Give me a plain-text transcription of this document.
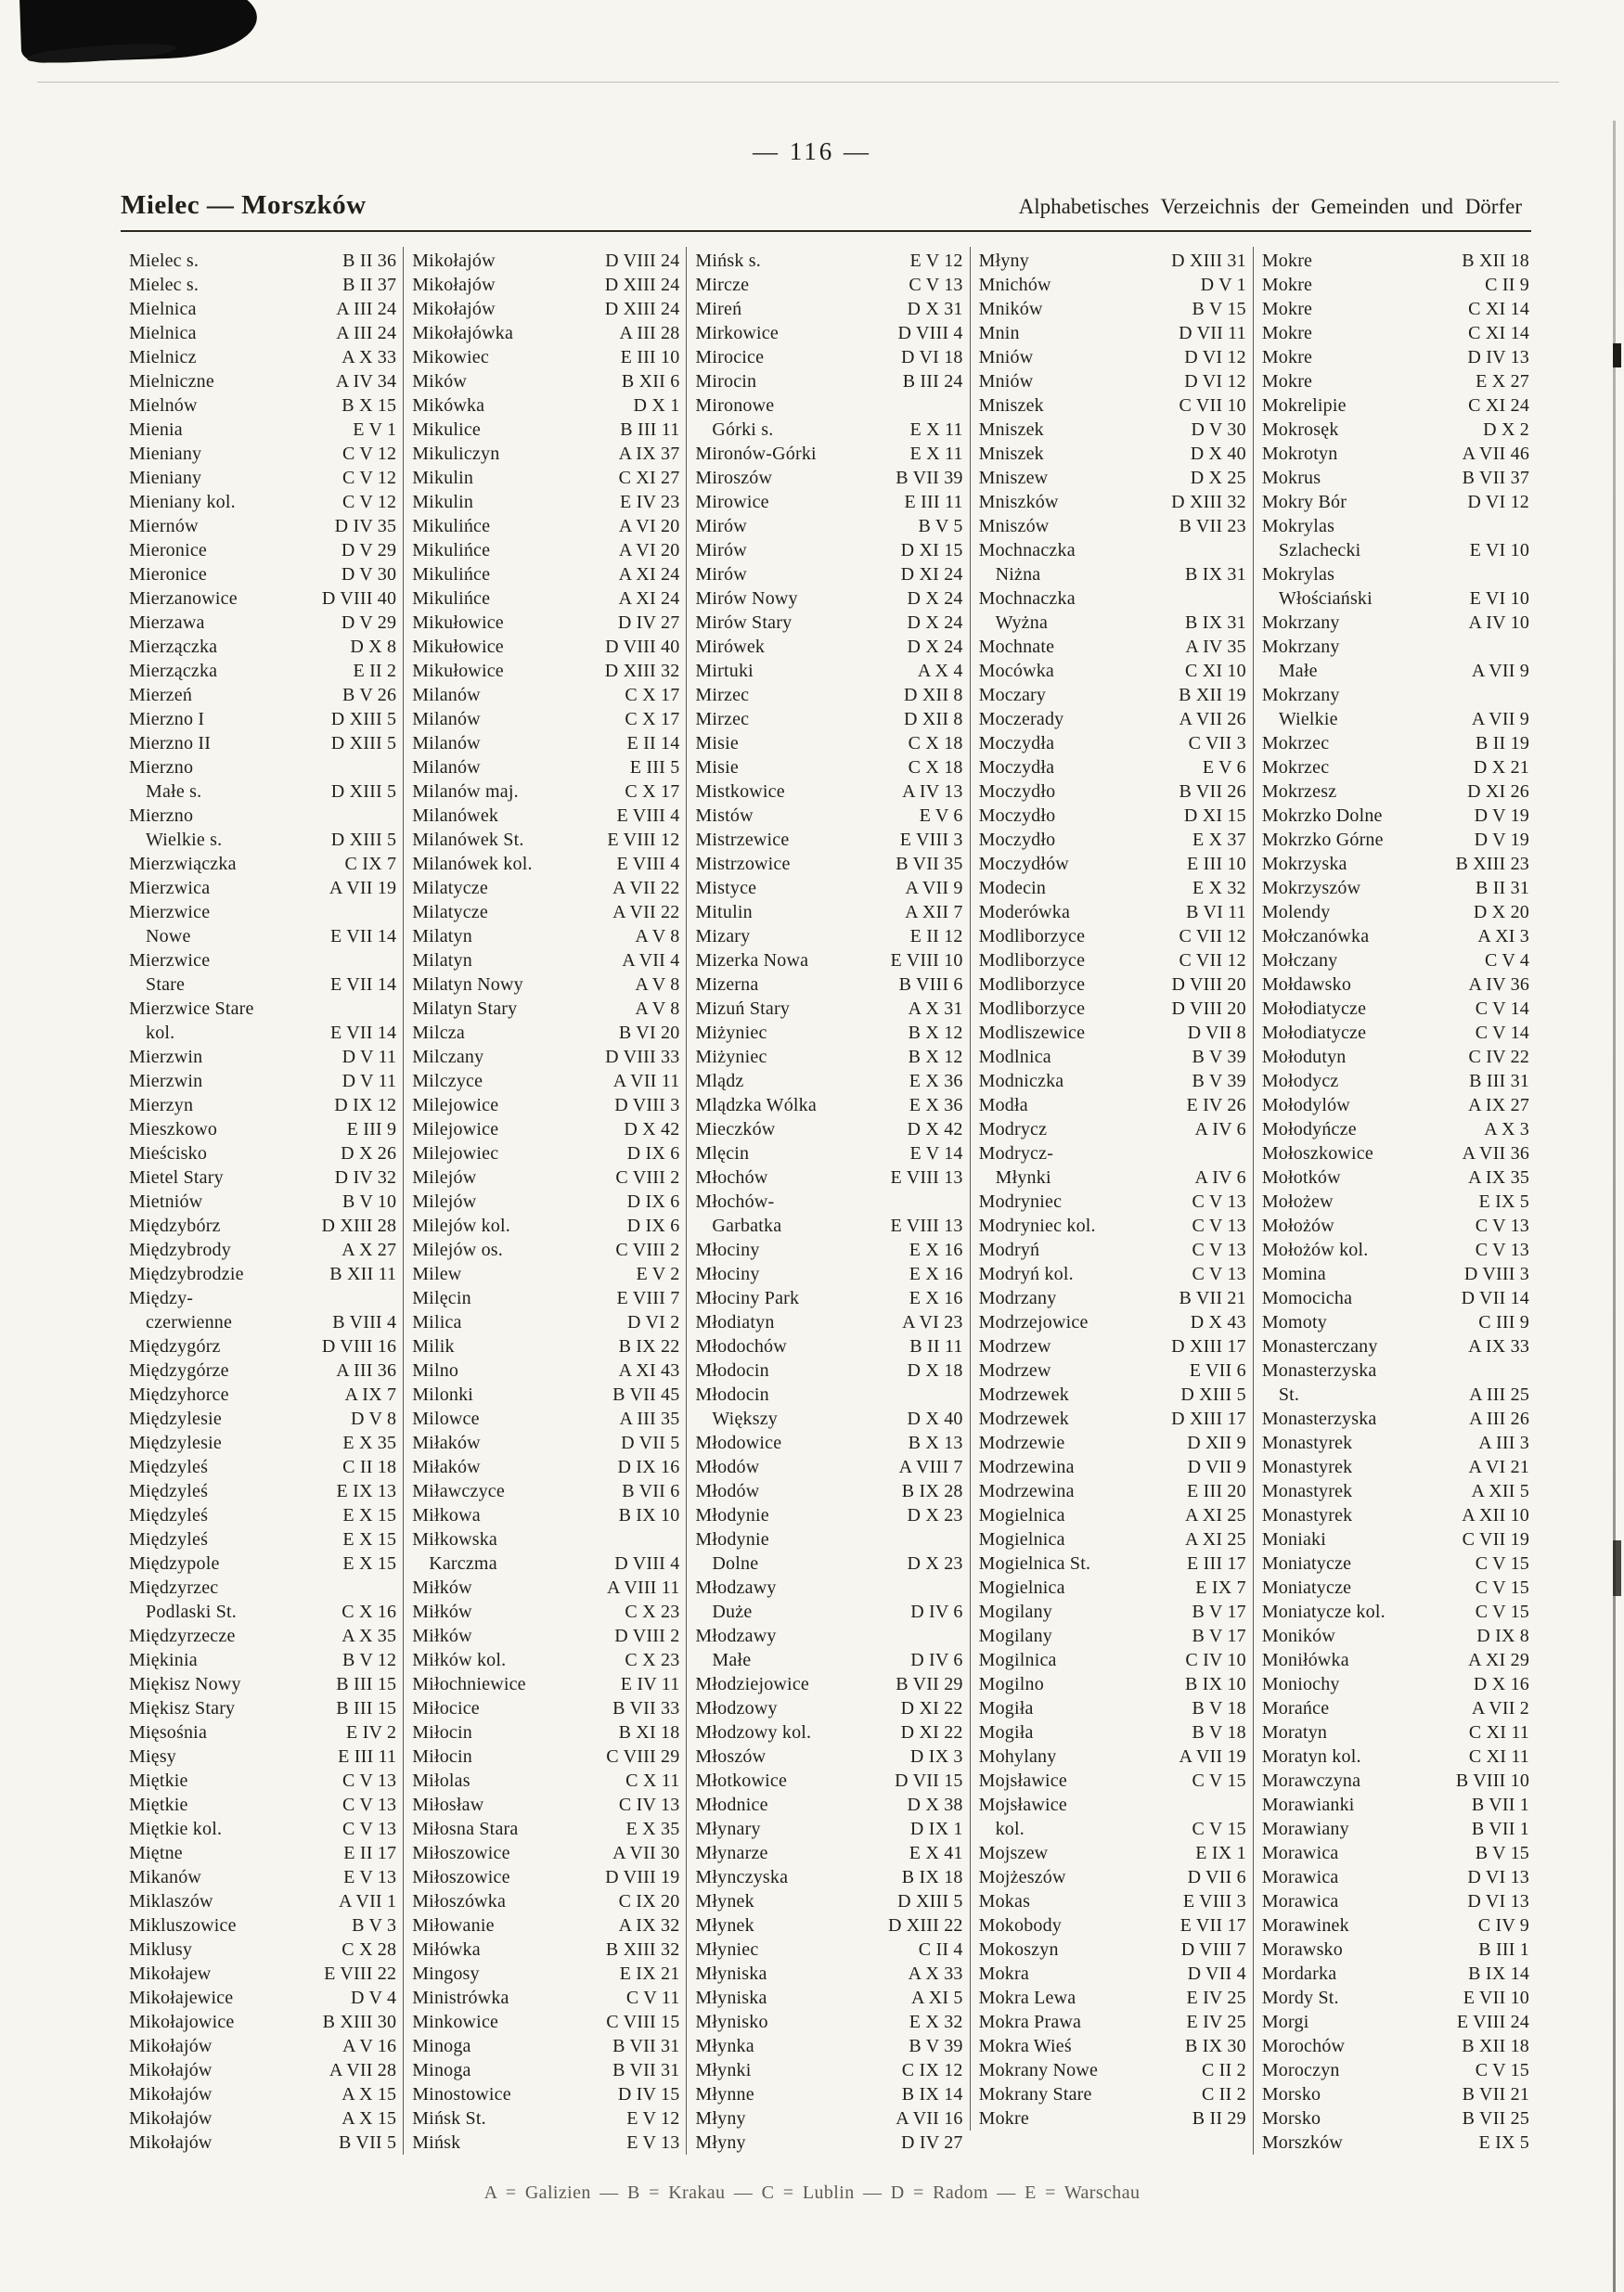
— 116 —
Mielec — Morszków	Alphabetisches Verzeichnis der Gemeinden und Dörfer
Mielec s.	B II 36
Mielec s.	B II 37
Mielnica	A III 24
Mielnica	A III 24
Mielnicz	A X 33
Mielniczne	A IV 34
Mielnów	B X 15
Mienia	E V 1
Mieniany	C V 12
Mieniany	C V 12
Mieniany kol.	C V 12
Miernów	D IV 35
Mieronice	D V 29
Mieronice	D V 30
Mierzanowice	D VIII 40
Mierzawa	D V 29
Mierzączka	D X 8
Mierzączka	E II 2
Mierzeń	B V 26
Mierzno I	D XIII 5
Mierzno II	D XIII 5
Mierzno
Małe s.	D XIII 5
Mierzno
Wielkie s.	D XIII 5
Mierzwiączka	C IX 7
Mierzwica	A VII 19
Mierzwice
Nowe	E VII 14
Mierzwice
Stare	E VII 14
Mierzwice Stare
kol.	E VII 14
Mierzwin	D V 11
Mierzwin	D V 11
Mierzyn	D IX 12
Mieszkowo	E III 9
Mieścisko	D X 26
Mietel Stary	D IV 32
Mietniów	B V 10
Międzybórz	D XIII 28
Międzybrody	A X 27
Międzybrodzie	B XII 11
Między-
czerwienne	B VIII 4
Międzygórz	D VIII 16
Międzygórze	A III 36
Międzyhorce	A IX 7
Międzylesie	D V 8
Międzylesie	E X 35
Międzyleś	C II 18
Międzyleś	E IX 13
Międzyleś	E X 15
Międzyleś	E X 15
Międzypole	E X 15
Międzyrzec
Podlaski St.	C X 16
Międzyrzecze	A X 35
Miękinia	B V 12
Miękisz Nowy	B III 15
Miękisz Stary	B III 15
Mięsośnia	E IV 2
Mięsy	E III 11
Miętkie	C V 13
Miętkie	C V 13
Miętkie kol.	C V 13
Miętne	E II 17
Mikanów	E V 13
Miklaszów	A VII 1
Mikluszowice	B V 3
Miklusy	C X 28
Mikołajew	E VIII 22
Mikołajewice	D V 4
Mikołajowice	B XIII 30
Mikołajów	A V 16
Mikołajów	A VII 28
Mikołajów	A X 15
Mikołajów	A X 15
Mikołajów	B VII 5
Mikołajów	D VIII 24
Mikołajów	D XIII 24
Mikołajów	D XIII 24
Mikołajówka	A III 28
Mikowiec	E III 10
Mików	B XII 6
Mikówka	D X 1
Mikulice	B III 11
Mikuliczyn	A IX 37
Mikulin	C XI 27
Mikulin	E IV 23
Mikulińce	A VI 20
Mikulińce	A VI 20
Mikulińce	A XI 24
Mikulińce	A XI 24
Mikułowice	D IV 27
Mikułowice	D VIII 40
Mikułowice	D XIII 32
Milanów	C X 17
Milanów	C X 17
Milanów	E II 14
Milanów	E III 5
Milanów maj.	C X 17
Milanówek	E VIII 4
Milanówek St.	E VIII 12
Milanówek kol.	E VIII 4
Milatycze	A VII 22
Milatycze	A VII 22
Milatyn	A V 8
Milatyn	A VII 4
Milatyn Nowy	A V 8
Milatyn Stary	A V 8
Milcza	B VI 20
Milczany	D VIII 33
Milczyce	A VII 11
Milejowice	D VIII 3
Milejowice	D X 42
Milejowiec	D IX 6
Milejów	C VIII 2
Milejów	D IX 6
Milejów kol.	D IX 6
Milejów os.	C VIII 2
Milew	E V 2
Milęcin	E VIII 7
Milica	D VI 2
Milik	B IX 22
Milno	A XI 43
Milonki	B VII 45
Milowce	A III 35
Miłaków	D VII 5
Miłaków	D IX 16
Miławczyce	B VII 6
Miłkowa	B IX 10
Miłkowska
Karczma	D VIII 4
Miłków	A VIII 11
Miłków	C X 23
Miłków	D VIII 2
Miłków kol.	C X 23
Miłochniewice	E IV 11
Miłocice	B VII 33
Miłocin	B XI 18
Miłocin	C VIII 29
Miłolas	C X 11
Miłosław	C IV 13
Miłosna Stara	E X 35
Miłoszowice	A VII 30
Miłoszowice	D VIII 19
Miłoszówka	C IX 20
Miłowanie	A IX 32
Miłówka	B XIII 32
Mingosy	E IX 21
Ministrówka	C V 11
Minkowice	C VIII 15
Minoga	B VII 31
Minoga	B VII 31
Minostowice	D IV 15
Mińsk St.	E V 12
Mińsk	E V 13
Mińsk s.	E V 12
Mircze	C V 13
Mireń	D X 31
Mirkowice	D VIII 4
Mirocice	D VI 18
Mirocin	B III 24
Mironowe
Górki s.	E X 11
Mironów-Górki	E X 11
Miroszów	B VII 39
Mirowice	E III 11
Mirów	B V 5
Mirów	D XI 15
Mirów	D XI 24
Mirów Nowy	D X 24
Mirów Stary	D X 24
Mirówek	D X 24
Mirtuki	A X 4
Mirzec	D XII 8
Mirzec	D XII 8
Misie	C X 18
Misie	C X 18
Mistkowice	A IV 13
Mistów	E V 6
Mistrzewice	E VIII 3
Mistrzowice	B VII 35
Mistyce	A VII 9
Mitulin	A XII 7
Mizary	E II 12
Mizerka Nowa	E VIII 10
Mizerna	B VIII 6
Mizuń Stary	A X 31
Miżyniec	B X 12
Miżyniec	B X 12
Mlądz	E X 36
Mlądzka Wólka	E X 36
Mieczków	D X 42
Mlęcin	E V 14
Młochów	E VIII 13
Młochów-
Garbatka	E VIII 13
Młociny	E X 16
Młociny	E X 16
Młociny Park	E X 16
Młodiatyn	A VI 23
Młodochów	B II 11
Młodocin	D X 18
Młodocin
Większy	D X 40
Młodowice	B X 13
Młodów	A VIII 7
Młodów	B IX 28
Młodynie	D X 23
Młodynie
Dolne	D X 23
Młodzawy
Duże	D IV 6
Młodzawy
Małe	D IV 6
Młodziejowice	B VII 29
Młodzowy	D XI 22
Młodzowy kol.	D XI 22
Młoszów	D IX 3
Młotkowice	D VII 15
Młodnice	D X 38
Młynary	D IX 1
Młynarze	E X 41
Młynczyska	B IX 18
Młynek	D XIII 5
Młynek	D XIII 22
Młyniec	C II 4
Młyniska	A X 33
Młyniska	A XI 5
Młynisko	E X 32
Młynka	B V 39
Młynki	C IX 12
Młynne	B IX 14
Młyny	A VII 16
Młyny	D IV 27
Młyny	D XIII 31
Mnichów	D V 1
Mników	B V 15
Mnin	D VII 11
Mniów	D VI 12
Mniów	D VI 12
Mniszek	C VII 10
Mniszek	D V 30
Mniszek	D X 40
Mniszew	D X 25
Mniszków	D XIII 32
Mniszów	B VII 23
Mochnaczka
Niżna	B IX 31
Mochnaczka
Wyżna	B IX 31
Mochnate	A IV 35
Mocówka	C XI 10
Moczary	B XII 19
Moczerady	A VII 26
Moczydła	C VII 3
Moczydła	E V 6
Moczydło	B VII 26
Moczydło	D XI 15
Moczydło	E X 37
Moczydłów	E III 10
Modecin	E X 32
Moderówka	B VI 11
Modliborzyce	C VII 12
Modliborzyce	C VII 12
Modliborzyce	D VIII 20
Modliborzyce	D VIII 20
Modliszewice	D VII 8
Modlnica	B V 39
Modniczka	B V 39
Modła	E IV 26
Modrycz	A IV 6
Modrycz-
Młynki	A IV 6
Modryniec	C V 13
Modryniec kol.	C V 13
Modryń	C V 13
Modryń kol.	C V 13
Modrzany	B VII 21
Modrzejowice	D X 43
Modrzew	D XIII 17
Modrzew	E VII 6
Modrzewek	D XIII 5
Modrzewek	D XIII 17
Modrzewie	D XII 9
Modrzewina	D VII 9
Modrzewina	E III 20
Mogielnica	A XI 25
Mogielnica	A XI 25
Mogielnica St.	E III 17
Mogielnica	E IX 7
Mogilany	B V 17
Mogilany	B V 17
Mogilnica	C IV 10
Mogilno	B IX 10
Mogiła	B V 18
Mogiła	B V 18
Mohylany	A VII 19
Mojsławice	C V 15
Mojsławice
kol.	C V 15
Mojszew	E IX 1
Mojżeszów	D VII 6
Mokas	E VIII 3
Mokobody	E VII 17
Mokoszyn	D VIII 7
Mokra	D VII 4
Mokra Lewa	E IV 25
Mokra Prawa	E IV 25
Mokra Wieś	B IX 30
Mokrany Nowe	C II 2
Mokrany Stare	C II 2
Mokre	B II 29
Mokre	B XII 18
Mokre	C II 9
Mokre	C XI 14
Mokre	C XI 14
Mokre	D IV 13
Mokre	E X 27
Mokrelipie	C XI 24
Mokrosęk	D X 2
Mokrotyn	A VII 46
Mokrus	B VII 37
Mokry Bór	D VI 12
Mokrylas
Szlachecki	E VI 10
Mokrylas
Włościański	E VI 10
Mokrzany	A IV 10
Mokrzany
Małe	A VII 9
Mokrzany
Wielkie	A VII 9
Mokrzec	B II 19
Mokrzec	D X 21
Mokrzesz	D XI 26
Mokrzko Dolne	D V 19
Mokrzko Górne	D V 19
Mokrzyska	B XIII 23
Mokrzyszów	B II 31
Molendy	D X 20
Mołczanówka	A XI 3
Mołczany	C V 4
Mołdawsko	A IV 36
Mołodiatycze	C V 14
Mołodiatycze	C V 14
Mołodutyn	C IV 22
Mołodycz	B III 31
Mołodylów	A IX 27
Mołodyńcze	A X 3
Mołoszkowice	A VII 36
Mołotków	A IX 35
Mołożew	E IX 5
Mołożów	C V 13
Mołożów kol.	C V 13
Momina	D VIII 3
Momocicha	D VII 14
Momoty	C III 9
Monasterczany	A IX 33
Monasterzyska
St.	A III 25
Monasterzyska	A III 26
Monastyrek	A III 3
Monastyrek	A VI 21
Monastyrek	A XII 5
Monastyrek	A XII 10
Moniaki	C VII 19
Moniatycze	C V 15
Moniatycze	C V 15
Moniatycze kol.	C V 15
Moników	D IX 8
Moniłówka	A XI 29
Moniochy	D X 16
Morańce	A VII 2
Moratyn	C XI 11
Moratyn kol.	C XI 11
Morawczyna	B VIII 10
Morawianki	B VII 1
Morawiany	B VII 1
Morawica	B V 15
Morawica	D VI 13
Morawica	D VI 13
Morawinek	C IV 9
Morawsko	B III 1
Mordarka	B IX 14
Mordy St.	E VII 10
Morgi	E VIII 24
Morochów	B XII 18
Moroczyn	C V 15
Morsko	B VII 21
Morsko	B VII 25
Morszków	E IX 5
A = Galizien — B = Krakau — C = Lublin — D = Radom — E = Warschau
